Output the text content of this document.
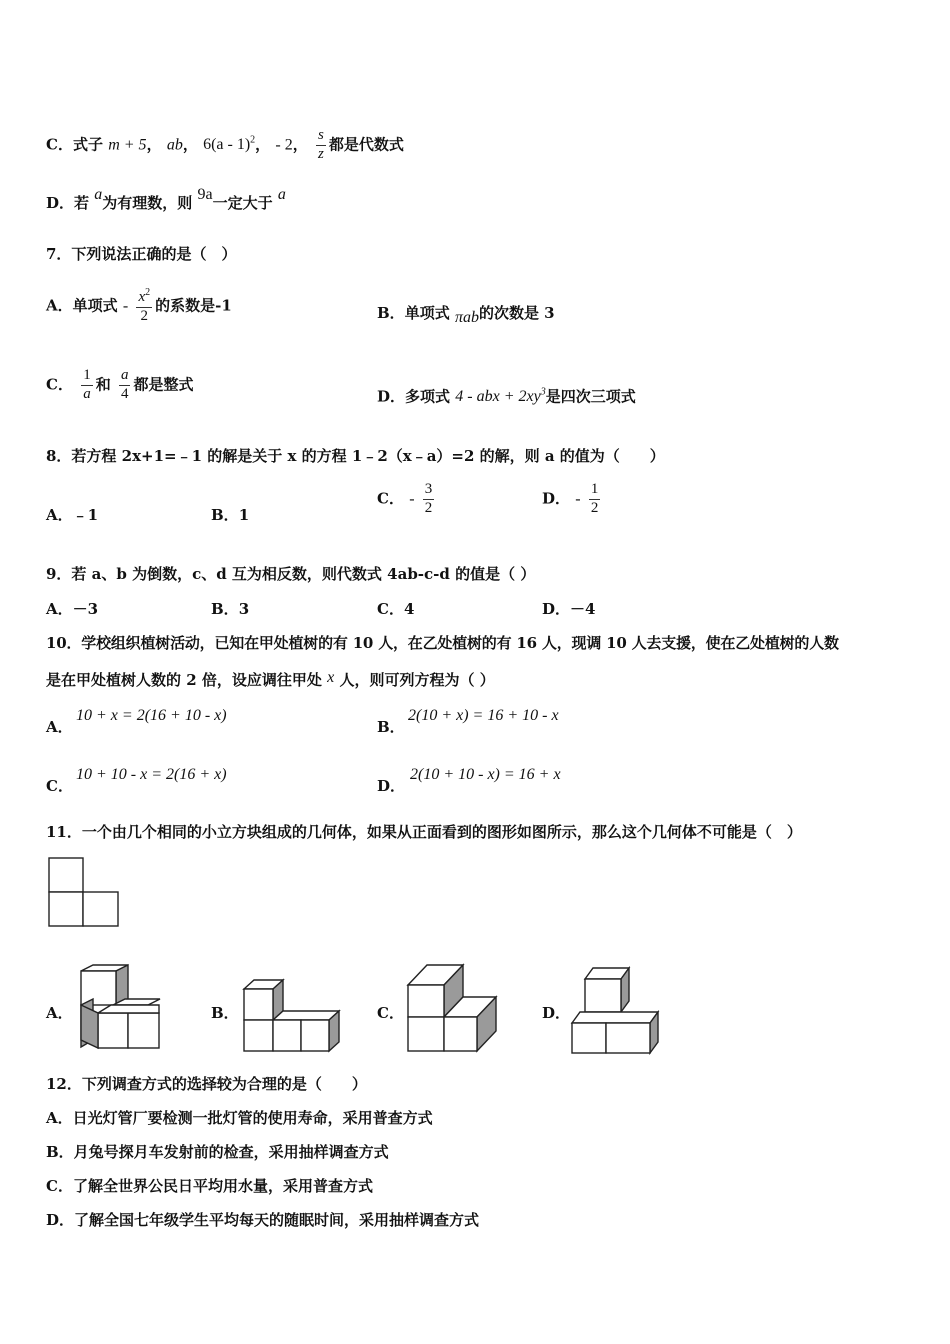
C．式子 m + 5， ab， 6(a - 1)$^2$， - 2， $\frac{s}{z}$ 都是代数式
D．若 a为有理数，则 9a一定大于 a
7．下列说法正确的是（　）
A．单项式 - $\frac{x^2}{2}$ 的系数是-1	B．单项式 πab的次数是 3
C． $\frac{1}{a}$ 和 $\frac{a}{4}$ 都是整式
D．多项式 4 - abx + $2xy^3$是四次三项式
8．若方程 2x+1=﹣1 的解是关于 x 的方程 1﹣2（x﹣a）=2 的解，则 a 的值为（　　）
A．﹣1	B．1
C． - $\frac{3}{2}$	D． - $\frac{1}{2}$
9．若 a、b 为倒数，c、d 互为相反数，则代数式 4ab-c-d 的值是（ ）
A．－3	B．3	C．4	D．－4
10．学校组织植树活动，已知在甲处植树的有 10 人，在乙处植树的有 16 人，现调 10 人去支援，使在乙处植树的人数
是在甲处植树人数的 2 倍，设应调往甲处 x 人，则可列方程为（ ）
A．
10 + x = 2(16 + 10 - x)
B．
2(10 + x) = 16 + 10 - x
C．
10 + 10 - x = 2(16 + x)
D．
2(10 + 10 - x) = 16 + x
11．一个由几个相同的小立方块组成的几何体，如果从正面看到的图形如图所示，那么这个几何体不可能是（　）
A．	B．	C．	D．
12．下列调查方式的选择较为合理的是（　　）
A．日光灯管厂要检测一批灯管的使用寿命，采用普查方式
B．月兔号探月车发射前的检查，采用抽样调查方式
C．了解全世界公民日平均用水量，采用普查方式
D．了解全国七年级学生平均每天的随眠时间，采用抽样调查方式
